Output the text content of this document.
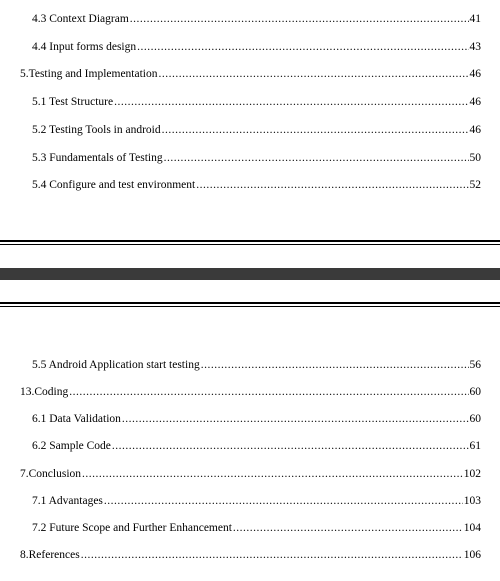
4.3 Context Diagram .....	41
4.4 Input forms design .....	43
5.Testing and Implementation .....	46
5.1 Test Structure .....	46
5.2 Testing Tools in android .....	46
5.3 Fundamentals of Testing .....	50
5.4 Configure and test environment .....	52
5.5 Android Application start testing .....	56
13.Coding .....	60
6.1 Data Validation .....	60
6.2 Sample Code .....	61
7.Conclusion .....	102
7.1 Advantages .....	103
7.2 Future Scope and Further Enhancement .....	104
8.References .....	106
